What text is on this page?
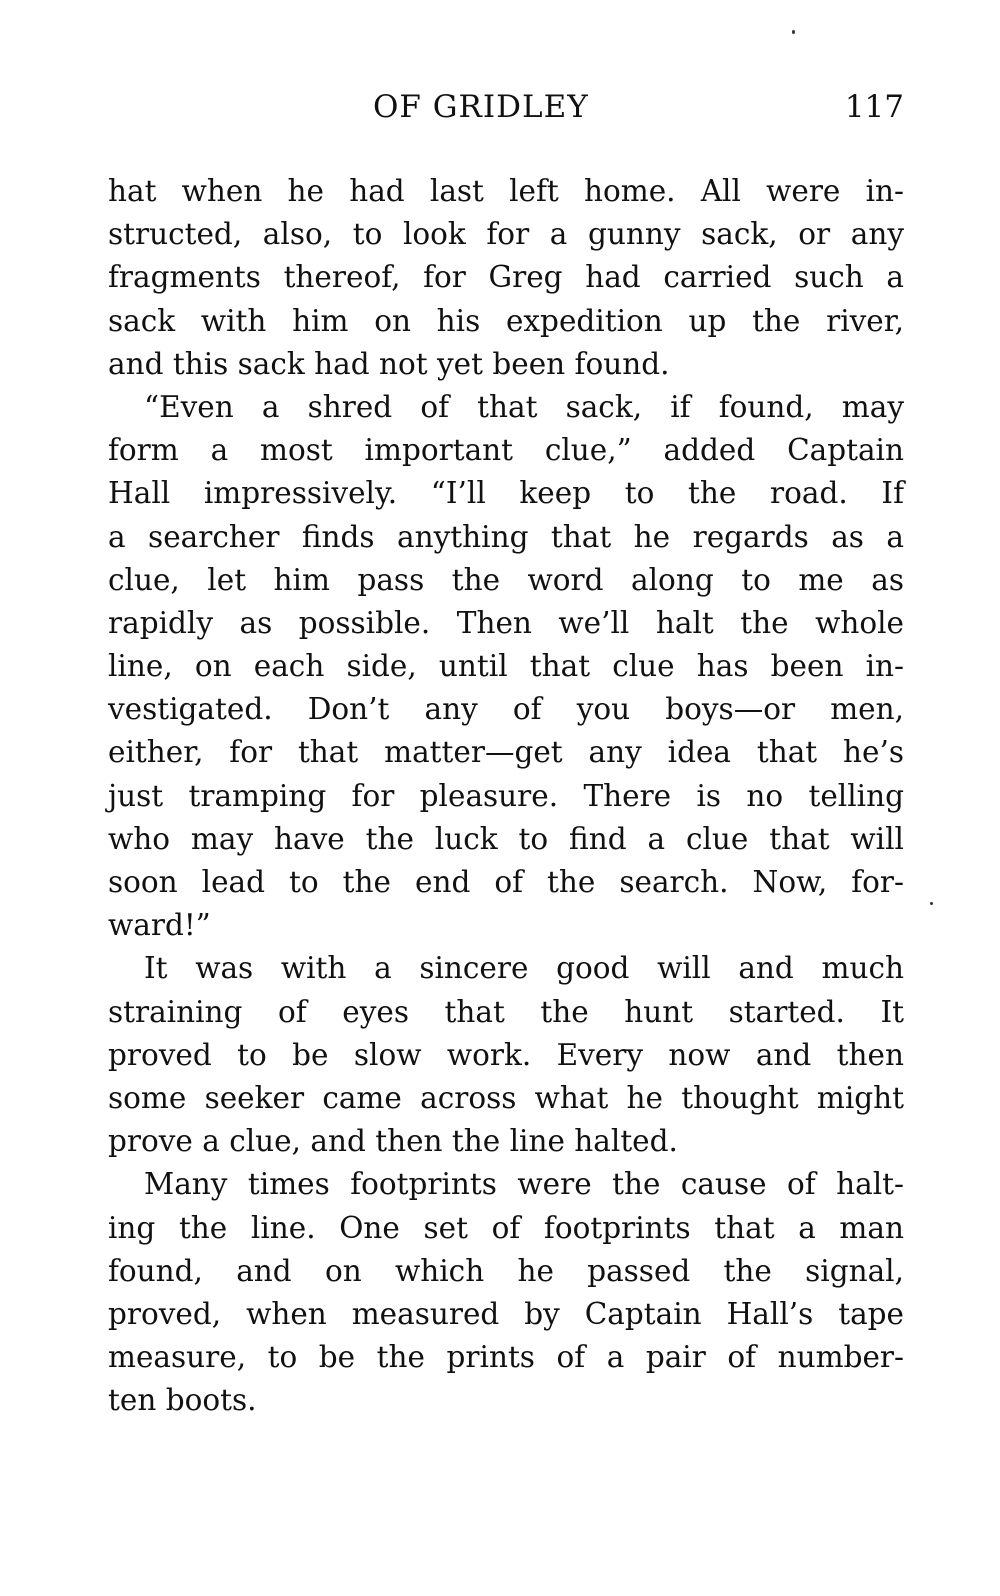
OF GRIDLEY	117
hat when he had last left home. All were in-
structed, also, to look for a gunny sack, or any
fragments thereof, for Greg had carried such a
sack with him on his expedition up the river,
and this sack had not yet been found.
“Even a shred of that sack, if found, may
form a most important clue,” added Captain
Hall impressively. “I’ll keep to the road. If
a searcher finds anything that he regards as a
clue, let him pass the word along to me as
rapidly as possible. Then we’ll halt the whole
line, on each side, until that clue has been in-
vestigated. Don’t any of you boys—or men,
either, for that matter—get any idea that he’s
just tramping for pleasure. There is no telling
who may have the luck to find a clue that will
soon lead to the end of the search. Now, for-
ward!”
It was with a sincere good will and much
straining of eyes that the hunt started. It
proved to be slow work. Every now and then
some seeker came across what he thought might
prove a clue, and then the line halted.
Many times footprints were the cause of halt-
ing the line. One set of footprints that a man
found, and on which he passed the signal,
proved, when measured by Captain Hall’s tape
measure, to be the prints of a pair of number-
ten boots.
